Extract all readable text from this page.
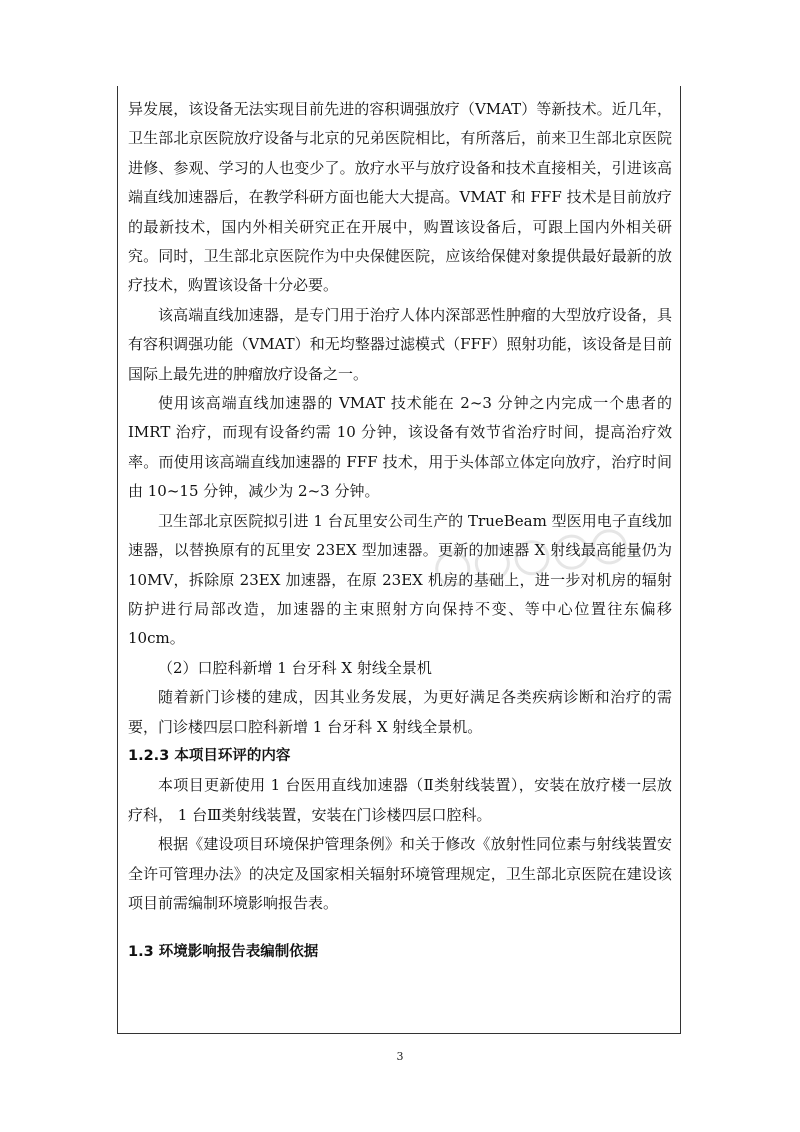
异发展，该设备无法实现目前先进的容积调强放疗（VMAT）等新技术。近几年，卫生部北京医院放疗设备与北京的兄弟医院相比，有所落后，前来卫生部北京医院进修、参观、学习的人也变少了。放疗水平与放疗设备和技术直接相关，引进该高端直线加速器后，在教学科研方面也能大大提高。VMAT 和 FFF 技术是目前放疗的最新技术，国内外相关研究正在开展中，购置该设备后，可跟上国内外相关研究。同时，卫生部北京医院作为中央保健医院，应该给保健对象提供最好最新的放疗技术，购置该设备十分必要。

该高端直线加速器，是专门用于治疗人体内深部恶性肿瘤的大型放疗设备，具有容积调强功能（VMAT）和无均整器过滤模式（FFF）照射功能，该设备是目前国际上最先进的肿瘤放疗设备之一。

使用该高端直线加速器的 VMAT 技术能在 2~3 分钟之内完成一个患者的 IMRT 治疗，而现有设备约需 10 分钟，该设备有效节省治疗时间，提高治疗效率。而使用该高端直线加速器的 FFF 技术，用于头体部立体定向放疗，治疗时间由 10~15 分钟，减少为 2~3 分钟。

卫生部北京医院拟引进 1 台瓦里安公司生产的 TrueBeam 型医用电子直线加速器，以替换原有的瓦里安 23EX 型加速器。更新的加速器 X 射线最高能量仍为 10MV，拆除原 23EX 加速器，在原 23EX 机房的基础上，进一步对机房的辐射防护进行局部改造，加速器的主束照射方向保持不变、等中心位置往东偏移 10cm。

（2）口腔科新增 1 台牙科 X 射线全景机

随着新门诊楼的建成，因其业务发展，为更好满足各类疾病诊断和治疗的需要，门诊楼四层口腔科新增 1 台牙科 X 射线全景机。

1.2.3 本项目环评的内容

本项目更新使用 1 台医用直线加速器（Ⅱ类射线装置），安装在放疗楼一层放疗科， 1 台Ⅲ类射线装置，安装在门诊楼四层口腔科。

根据《建设项目环境保护管理条例》和关于修改《放射性同位素与射线装置安全许可管理办法》的决定及国家相关辐射环境管理规定，卫生部北京医院在建设该项目前需编制环境影响报告表。

1.3 环境影响报告表编制依据

3
